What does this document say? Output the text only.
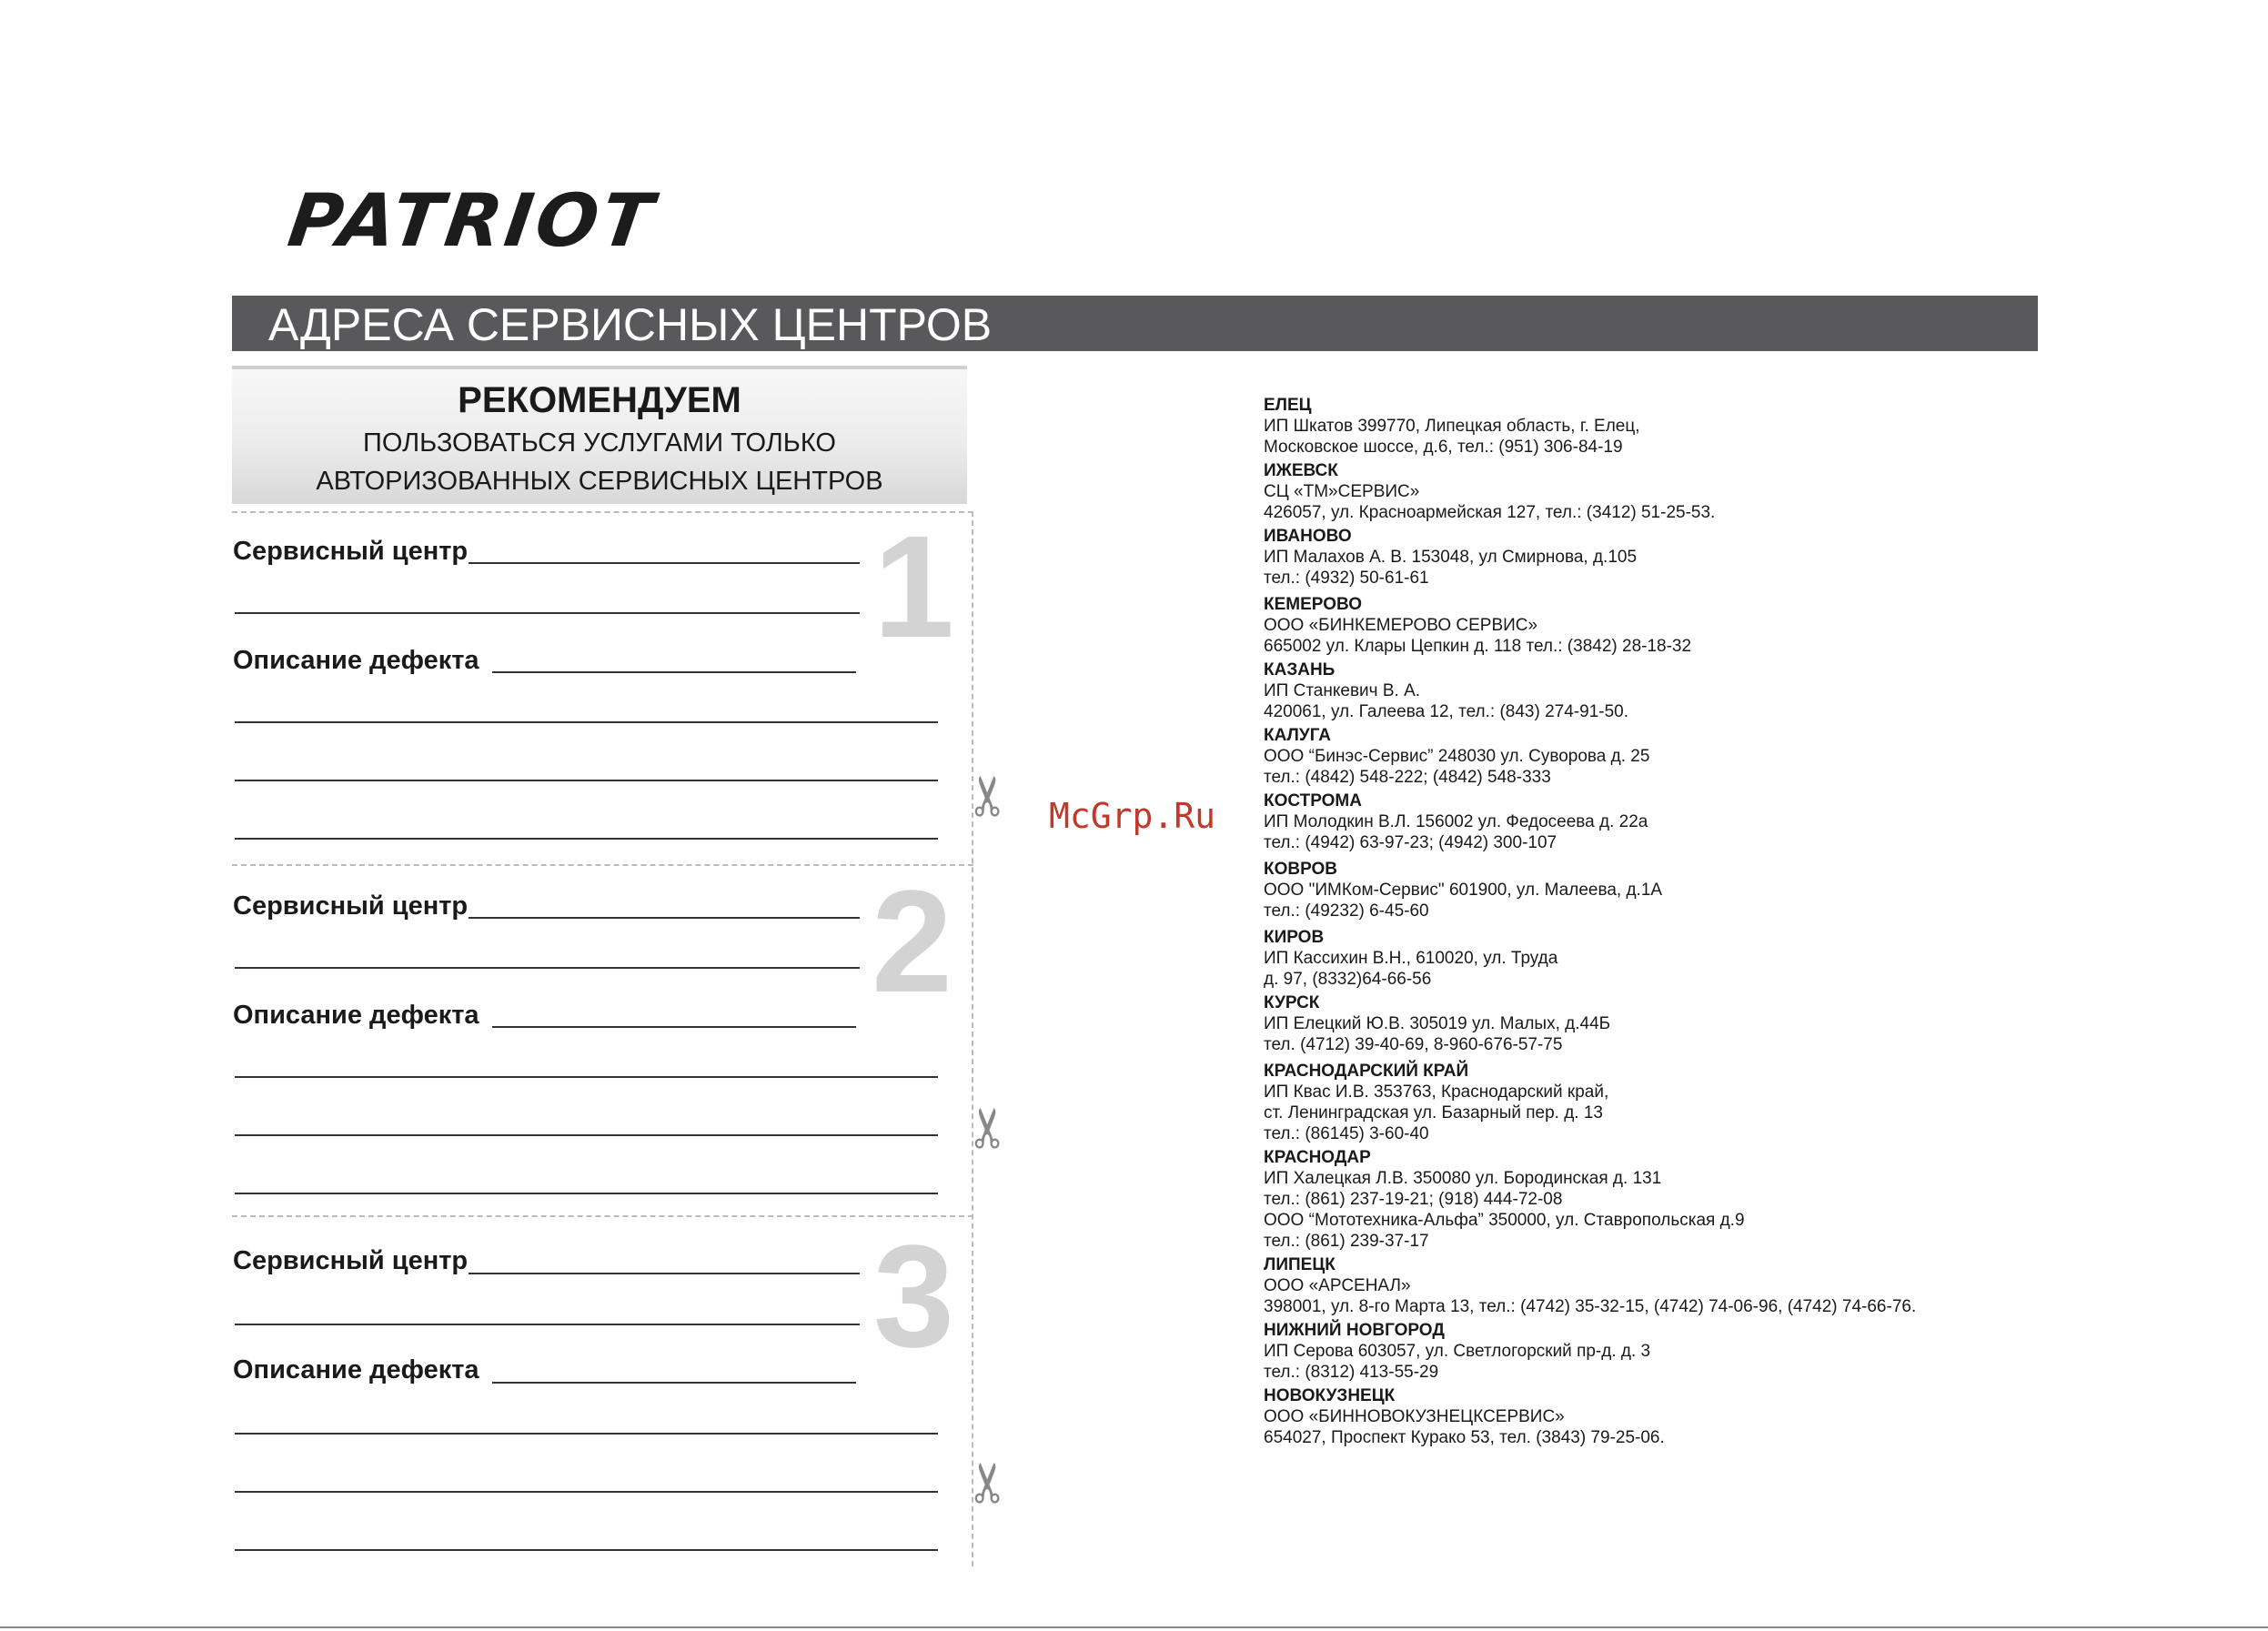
PATRIOT
АДРЕСА СЕРВИСНЫХ ЦЕНТРОВ
РЕКОМЕНДУЕМ
ПОЛЬЗОВАТЬСЯ УСЛУГАМИ ТОЛЬКО
АВТОРИЗОВАННЫХ СЕРВИСНЫХ ЦЕНТРОВ
Сервисный центр
Описание дефекта	1
Сервисный центр
Описание дефекта	2
Сервисный центр
Описание дефекта	3
✂
✂
✂
McGrp.Ru
ЕЛЕЦ
ИП Шкатов 399770, Липецкая область, г. Елец,
Московское шоссе, д.6, тел.: (951) 306-84-19
ИЖЕВСК
СЦ «ТМ»СЕРВИС»
426057, ул. Красноармейская 127, тел.: (3412) 51-25-53.
ИВАНОВО
ИП Малахов А. В. 153048, ул Смирнова, д.105
тел.: (4932) 50-61-61
КЕМЕРОВО
ООО «БИНКЕМЕРОВО СЕРВИС»
665002 ул. Клары Цепкин д. 118 тел.: (3842) 28-18-32
КАЗАНЬ
ИП Станкевич В. А.
420061, ул. Галеева 12, тел.: (843) 274-91-50.
КАЛУГА
ООО “Бинэс-Сервис” 248030 ул. Суворова д. 25
тел.: (4842) 548-222; (4842) 548-333
КОСТРОМА
ИП Молодкин В.Л. 156002 ул. Федосеева д. 22а
тел.: (4942) 63-97-23; (4942) 300-107
КОВРОВ
ООО "ИМКом-Сервис" 601900, ул. Малеева, д.1А
тел.: (49232) 6-45-60
КИРОВ
ИП Кассихин В.Н., 610020, ул. Труда
д. 97, (8332)64-66-56
КУРСК
ИП Елецкий Ю.В. 305019 ул. Малых, д.44Б
тел. (4712) 39-40-69, 8-960-676-57-75
КРАСНОДАРСКИЙ КРАЙ
ИП Квас И.В. 353763, Краснодарский край,
ст. Ленинградская ул. Базарный пер. д. 13
тел.: (86145) 3-60-40
КРАСНОДАР
ИП Халецкая Л.В. 350080 ул. Бородинская д. 131
тел.: (861) 237-19-21; (918) 444-72-08
ООО “Мототехника-Альфа” 350000, ул. Ставропольская д.9
тел.: (861) 239-37-17
ЛИПЕЦК
ООО «АРСЕНАЛ»
398001, ул. 8-го Марта 13, тел.: (4742) 35-32-15, (4742) 74-06-96, (4742) 74-66-76.
НИЖНИЙ НОВГОРОД
ИП Серова 603057, ул. Светлогорский пр-д. д. 3
тел.: (8312) 413-55-29
НОВОКУЗНЕЦК
ООО «БИННОВОКУЗНЕЦКСЕРВИС»
654027, Проспект Курако 53, тел. (3843) 79-25-06.
